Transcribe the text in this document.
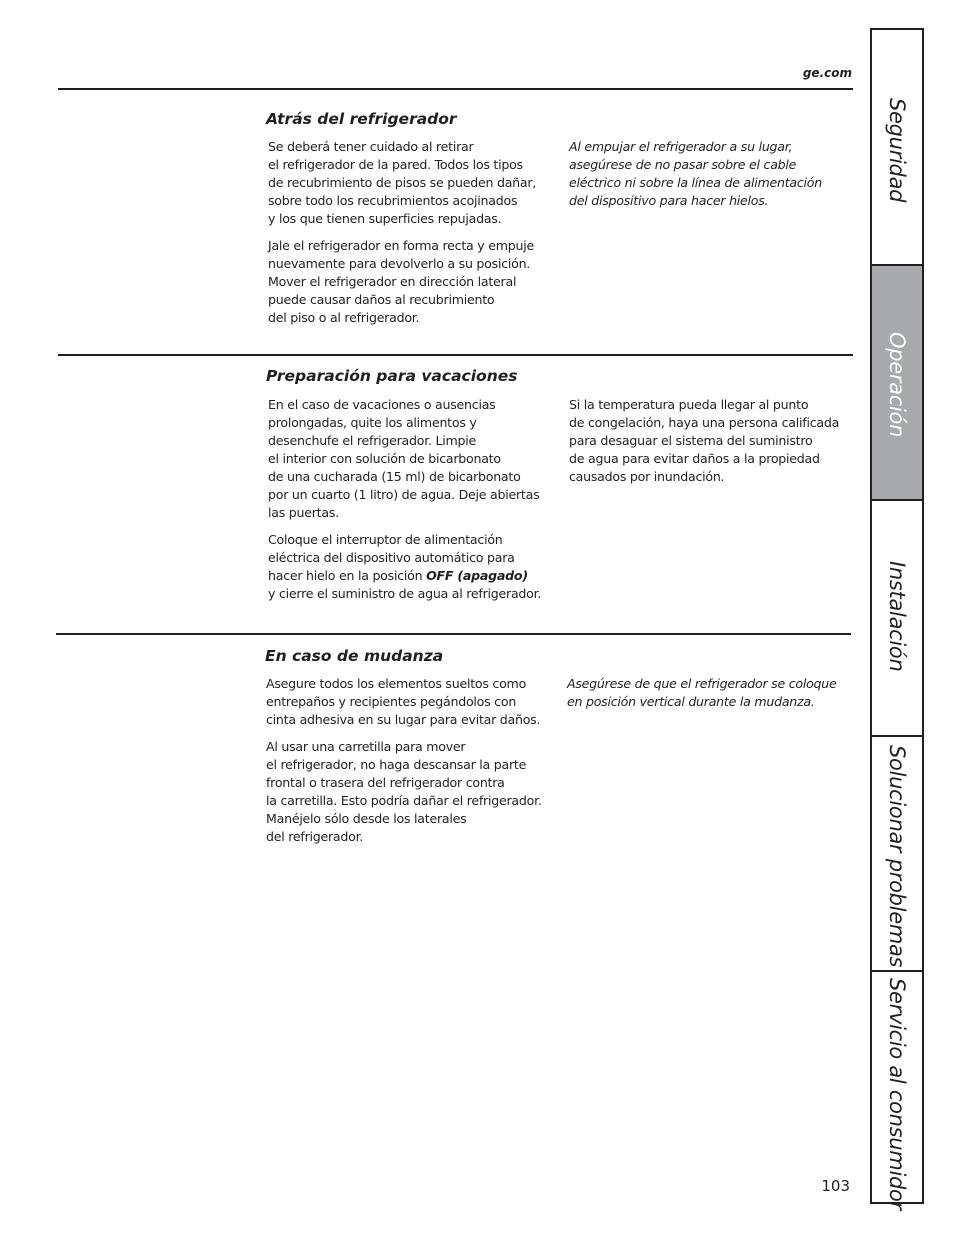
ge.com
Atrás del refrigerador

Se deberá tener cuidado al retirar
el refrigerador de la pared. Todos los tipos
de recubrimiento de pisos se pueden dañar,
sobre todo los recubrimientos acojinados
y los que tienen superficies repujadas.

Jale el refrigerador en forma recta y empuje
nuevamente para devolverlo a su posición.
Mover el refrigerador en dirección lateral
puede causar daños al recubrimiento
del piso o al refrigerador.

Al empujar el refrigerador a su lugar,
asegúrese de no pasar sobre el cable
eléctrico ni sobre la línea de alimentación
del dispositivo para hacer hielos.

Preparación para vacaciones

En el caso de vacaciones o ausencias
prolongadas, quite los alimentos y
desenchufe el refrigerador. Limpie
el interior con solución de bicarbonato
de una cucharada (15 ml) de bicarbonato
por un cuarto (1 litro) de agua. Deje abiertas
las puertas.

Coloque el interruptor de alimentación
eléctrica del dispositivo automático para
hacer hielo en la posición OFF (apagado)
y cierre el suministro de agua al refrigerador.

Si la temperatura pueda llegar al punto
de congelación, haya una persona calificada
para desaguar el sistema del suministro
de agua para evitar daños a la propiedad
causados por inundación.

En caso de mudanza

Asegure todos los elementos sueltos como
entrepaños y recipientes pegándolos con
cinta adhesiva en su lugar para evitar daños.

Al usar una carretilla para mover
el refrigerador, no haga descansar la parte
frontal o trasera del refrigerador contra
la carretilla. Esto podría dañar el refrigerador.
Manéjelo sólo desde los laterales
del refrigerador.

Asegúrese de que el refrigerador se coloque
en posición vertical durante la mudanza.

103
Seguridad
Operación
Instalación
Solucionar problemas
Servicio al consumidor
